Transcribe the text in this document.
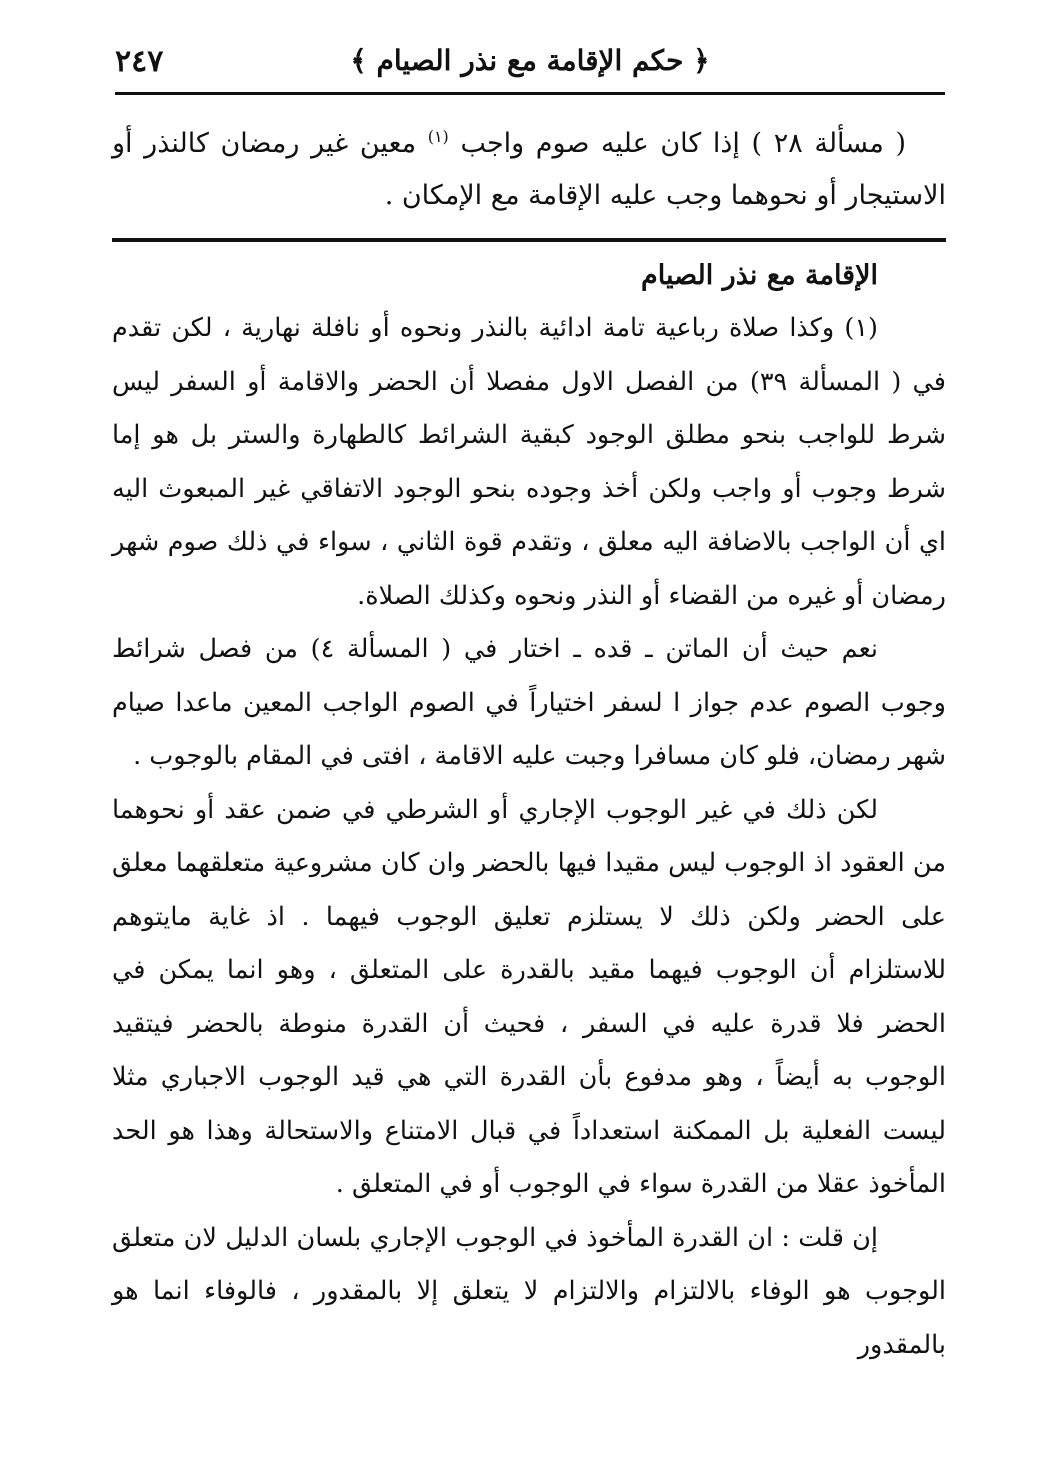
٢٤٧	﴿ حكم الإقامة مع نذر الصيام ﴾

( مسألة ٢٨ ) إذا كان عليه صوم واجب $^{(١)}$ معين غير رمضان كالنذر أو الاستيجار أو نحوهما وجب عليه الإقامة مع الإمكان .

الإقامة مع نذر الصيام

(١) وكذا صلاة رباعية تامة ادائية بالنذر ونحوه أو نافلة نهارية ، لكن تقدم في ( المسألة ٣٩) من الفصل الاول مفصلا أن الحضر والاقامة أو السفر ليس شرط للواجب بنحو مطلق الوجود كبقية الشرائط كالطهارة والستر بل هو إما شرط وجوب أو واجب ولكن أخذ وجوده بنحو الوجود الاتفاقي غير المبعوث اليه اي أن الواجب بالاضافة اليه معلق ، وتقدم قوة الثاني ، سواء في ذلك صوم شهر رمضان أو غيره من القضاء أو النذر ونحوه وكذلك الصلاة.

نعم حيث أن الماتن ـ قده ـ اختار في ( المسألة ٤) من فصل شرائط وجوب الصوم عدم جواز ا لسفر اختياراً في الصوم الواجب المعين ماعدا صيام شهر رمضان، فلو كان مسافرا وجبت عليه الاقامة ، افتى في المقام بالوجوب .

لكن ذلك في غير الوجوب الإجاري أو الشرطي في ضمن عقد أو نحوهما من العقود اذ الوجوب ليس مقيدا فيها بالحضر وان كان مشروعية متعلقهما معلق على الحضر ولكن ذلك لا يستلزم تعليق الوجوب فيهما . اذ غاية مايتوهم للاستلزام أن الوجوب فيهما مقيد بالقدرة على المتعلق ، وهو انما يمكن في الحضر فلا قدرة عليه في السفر ، فحيث أن القدرة منوطة بالحضر فيتقيد الوجوب به أيضاً ، وهو مدفوع بأن القدرة التي هي قيد الوجوب الاجباري مثلا ليست الفعلية بل الممكنة استعداداً في قبال الامتناع والاستحالة وهذا هو الحد المأخوذ عقلا من القدرة سواء في الوجوب أو في المتعلق .

إن قلت : ان القدرة المأخوذ في الوجوب الإجاري بلسان الدليل لان متعلق الوجوب هو الوفاء بالالتزام والالتزام لا يتعلق إلا بالمقدور ، فالوفاء انما هو بالمقدور
